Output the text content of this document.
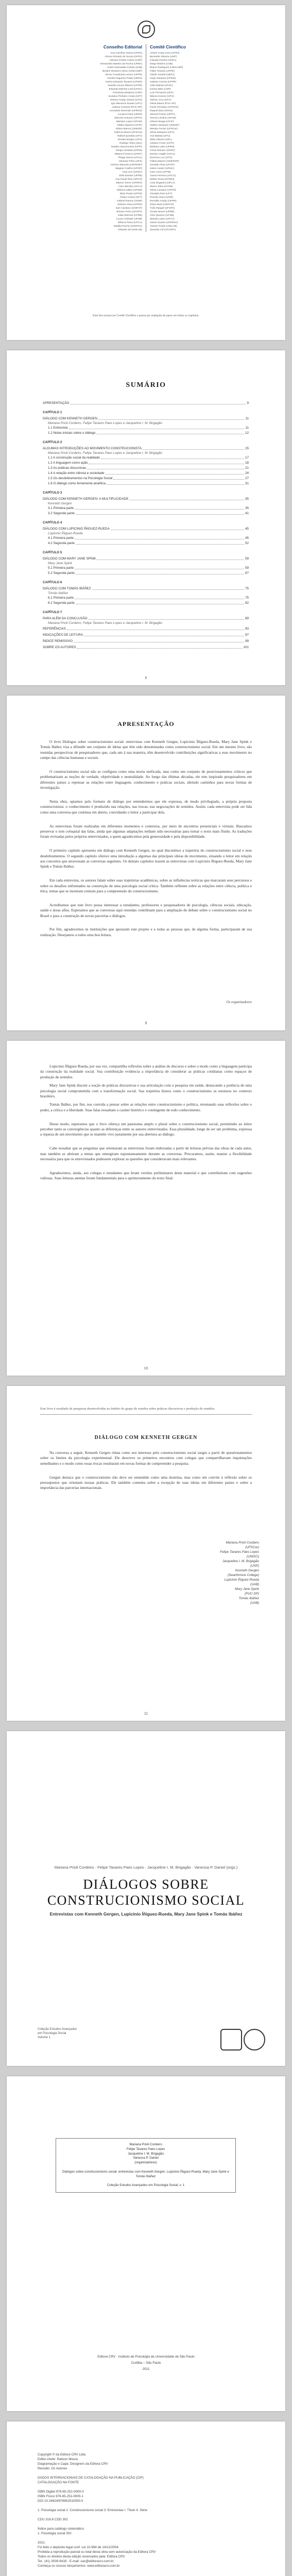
Conselho Editorial
Ana Carolina Vianna (UFRJ)
Afonso Ricardo de Souza (UFRJ)
Adriana Freitas Castro (USP)
Alessandra Martins da Rocha (UFBA)
André Guimarães Falcão (UnB)
Beatriz Monteiro Abreu (UNICAMP)
Bruno Cavalcanti Lemos (UFPE)
Camila Nogueira Prado (UERJ)
Carlos Eduardo Tavares (UFMG)
Daniela Souza Ribeiro (UFPR)
Eduardo Barreto Leal (UFSC)
Fernanda Medeiros (USP)
Gustavo Pinheiro Costa (UFF)
Helena Araújo Santos (UFG)
Igor Menezes Duarte (UFC)
Juliana Campos (PUC-SP)
Leonardo Rezende (UFRGS)
Luciana Faria (UFES)
Marcelo Antunes (UFPA)
Mariana Lopes (UFAM)
Nádia Siqueira (UFJF)
Otávio Barros (UNESP)
Patrícia Moura (UFSCar)
Rafael Quintela (UFV)
Renata Borges (UFU)
Rodrigo Teles (UEL)
Sandra Vasconcelos (UFPI)
Sérgio Almeida (UFRN)
Tatiana Fonseca (UFMT)
Thiago Nunes (UFAL)
Vanessa Pires (UFS)
Vinícius Macedo (UNIFESP)
Wagner Coelho (UFOP)
Yara Lins (UFMA)
Zélia Dantas (UFPB)
Ana Paula Reis (UFCG)
Bianca Torres (UFRRJ)
Caio Mendes (UFLA)
Débora Salles (UFSM)
Elias Prado (UFPel)
Flávia Cunha (UFT)
Gabriel Ramos (UNIR)
Heloísa Vieira (UFRR)
Ivan Cardoso (UNIFAP)
Jéssica Porto (UFOPA)
Kátia Moreira (UFRB)
Lucas Andrade (UFSB)
Mônica Paiva (UFCA)
Natália Rocha (UFERSA)
Orlando Sá (UNILAB)
Comitê Científico
Ariane Costa Lima (UFRJ)
Bernardo Silveira (USP)
Cláudia Pereira (UFBA)
Diego Martins (UnB)
Elaine Rodrigues (UNICAMP)
Fábio Teixeira (UFPE)
Gisele Amaral (UERJ)
Hugo Santana (UFMG)
Isabela Correia (UFPR)
João Batista (UFSC)
Karina Melo (USP)
Luís Fernando (UFF)
Márcia Gomes (UFG)
Nelson Cruz (UFC)
Olívia Matos (PUC-SP)
Paulo Henrique (UFRGS)
Raquel Dias (UFES)
Samuel Farias (UFPA)
Tereza Cristina (UFAM)
Ulisses Braga (UFJF)
Valéria Sampaio (UNESP)
Wesley Ferraz (UFSCar)
Xênia Marques (UFV)
Yuri Batista (UFU)
Zilda Oliveira (UEL)
Adriano Freire (UFPI)
Bárbara Leite (UFRN)
César Moraes (UFMT)
Denise Aragão (UFAL)
Emerson Luz (UFS)
Fátima Barros (UNIFESP)
Geraldo Pinto (UFOP)
Helen Castro (UFMA)
Ícaro Lima (UFPB)
Joana Ferreira (UFCG)
Kléber Rosa (UFRRJ)
Lívia Nogueira (UFLA)
Mauro Silva (UFSM)
Nívea Campos (UFPel)
Osvaldo Reis (UFT)
Priscila Alves (UNIR)
Ronaldo Araújo (UFRR)
Sílvia Mota (UNIFAP)
Túlio Rangel (UFOPA)
Úrsula Neves (UFRB)
Vítor Queiroz (UFSB)
Wanda Lopes (UFCA)
Xavier Duarte (UFERSA)
Yasmin Prado (UNILAB)
Zacarias Gil (UFCSPA)
Este livro possui um Comitê Científico e passa por avaliação de pares em todos os capítulos.
SUMÁRIO
APRESENTAÇÃO	9
CAPÍTULO 1
DIÁLOGO COM KENNETH GERGEN	11
Mariana Prioli Cordeiro, Felipe Tavares Paes Lopes e Jacqueline I. M. Brigagão
1.1 Entrevista	11
1.2 Notas iniciais sobre o diálogo	12
CAPÍTULO 2
ALGUMAS INTRODUÇÕES AO MOVIMENTO CONSTRUCIONISTA	15
Mariana Prioli Cordeiro, Felipe Tavares Paes Lopes e Jacqueline I. M. Brigagão
1.1 A construção social da realidade	17
1.2 A linguagem como ação	18
1.3 As práticas discursivas	21
1.4 A relação entre ciência e sociedade	24
1.5 Os desdobramentos na Psicologia Social	27
1.6 O diálogo como ferramenta analítica	31
CAPÍTULO 3
DIÁLOGO COM KENNETH GERGEN: A MULTIPLICIDADE	35
Kenneth Gergen
3.1 Primeira parte	35
3.2 Segunda parte	41
CAPÍTULO 4
DIÁLOGO COM LUPICINIO ÍÑIGUEZ-RUEDA	45
Lupicinio Íñiguez-Rueda
4.1 Primeira parte	45
4.2 Segunda parte	52
CAPÍTULO 5
DIÁLOGO COM MARY JANE SPINK	59
Mary Jane Spink
5.1 Primeira parte	59
5.2 Segunda parte	67
CAPÍTULO 6
DIÁLOGO COM TOMÁS IBÁÑEZ	75
Tomás Ibáñez
6.1 Primeira parte	75
6.2 Segunda parte	82
CAPÍTULO 7
PARA ALÉM DA CONCLUSÃO	89
Mariana Prioli Cordeiro, Felipe Tavares Paes Lopes e Jacqueline I. M. Brigagão
REFERÊNCIAS	93
INDICAÇÕES DE LEITURA	97
ÍNDICE REMISSIVO	99
SOBRE OS AUTORES	101
5
APRESENTAÇÃO
O livro Diálogos sobre construcionismo social: entrevistas com Kenneth Gergen, Lupicinio Íñiguez-Rueda, Mary Jane Spink e Tomás Ibáñez visa a difundir um conjunto de ideias que têm sido denominadas como construcionismo social. Em um mesmo livro, são reunidas perspectivas de pesquisadores que, cada um à sua maneira, têm desenvolvido contribuições significativas a esse movimento no campo das ciências humanas e sociais.
O construcionismo social não se configura como uma teoria unificada, mas como um conjunto de posicionamentos críticos que problematizam as noções de verdade, objetividade e neutralidade. Ao longo das últimas décadas, ele tem inspirado pesquisadores em diferentes países a repensar as relações entre linguagem, conhecimento e práticas sociais, abrindo caminhos para novas formas de investigação.
Nesta obra, optamos pelo formato de diálogo por entendermos que ele expressa, de modo privilegiado, a própria proposta construcionista: o conhecimento é produzido nas relações, nas trocas, nas negociações de sentidos. Assim, cada entrevista pode ser lida como uma conversa que continua em aberto, convidando o leitor a participar dela.
As entrevistas foram realizadas em diferentes momentos e contextos, por meio de encontros presenciais e virtuais. Buscamos preservar o tom coloquial das falas, ainda que algumas adaptações tenham sido necessárias para tornar o texto mais fluido. As traduções foram revisadas pelos próprios entrevistados, a quem agradecemos pela generosidade e pela disponibilidade.
O primeiro capítulo apresenta um diálogo com Kenneth Gergen, no qual discutimos a trajetória do construcionismo social e seus desdobramentos. O segundo capítulo oferece uma introdução a algumas das principais ideias do movimento, situando o leitor em relação aos conceitos que atravessam as conversas seguintes. Os demais capítulos trazem as entrevistas com Lupicinio Íñiguez-Rueda, Mary Jane Spink e Tomás Ibáñez.
Em cada entrevista, os autores falam sobre suas trajetórias acadêmicas, sobre as influências teóricas que marcaram seus percursos e sobre os desafios enfrentados na construção de uma psicologia social crítica. Também refletem sobre as relações entre ciência, política e ética, temas que se mostram centrais para a compreensão do construcionismo.
Acreditamos que este livro possa interessar a estudantes, professores e pesquisadores de psicologia, ciências sociais, educação, saúde e áreas afins. Esperamos que as conversas aqui reunidas contribuam para a ampliação do debate sobre o construcionismo social no Brasil e para a construção de novas parcerias e diálogos.
Por fim, agradecemos às instituições que apoiaram este projeto e a todas as pessoas que, de alguma forma, participaram de sua realização. Desejamos a todos uma boa leitura.
Os organizadores
9
Lupicinio Íñiguez-Rueda, por sua vez, compartilha reflexões sobre a análise do discurso e sobre o modo como a linguagem participa da construção da realidade social. Sua contribuição evidencia a importância de considerar as práticas cotidianas como espaços de produção de sentidos.
Mary Jane Spink discute a noção de práticas discursivas e sua articulação com a pesquisa em saúde, destacando a potência de uma psicologia social comprometida com a transformação social. Sua trajetória ilustra como o construcionismo se enraizou no contexto brasileiro.
Tomás Ibáñez, por fim, nos convida a pensar sobre as relações entre construcionismo e política, retomando suas reflexões sobre o poder, a crítica e a liberdade. Suas falas ressaltam o caráter histórico e contingente de todo conhecimento.
Desse modo, esperamos que o livro ofereça um panorama amplo e plural sobre o construcionismo social, permitindo ao leitor perceber tanto as convergências quanto as diferenças entre os autores entrevistados. Essa pluralidade, longe de ser um problema, expressa a riqueza de um movimento que se mantém vivo justamente por sua abertura ao diálogo.
Cabe ressaltar que as perguntas que orientaram as entrevistas foram elaboradas a partir de leituras prévias das obras de cada autor, mas também se abriram a temas que emergiram espontaneamente durante as conversas. Procuramos, assim, manter a flexibilidade necessária para que os entrevistados pudessem explorar as questões que consideravam mais relevantes.
Agradecemos, ainda, aos colegas e estudantes que leram versões preliminares deste material e que contribuíram com sugestões valiosas. Suas leituras atentas foram fundamentais para o aprimoramento do texto final.
10
Este livro é resultado de pesquisas desenvolvidas no âmbito do grupo de estudos sobre práticas discursivas e produção de sentidos.
DIÁLOGO COM KENNETH GERGEN
Na conversa a seguir, Kenneth Gergen relata como seu interesse pelo construcionismo social surgiu a partir de questionamentos sobre os limites da psicologia experimental. Ele descreve os primeiros encontros com colegas que compartilhavam inquietações semelhantes e o modo como essas trocas resultaram em novas formas de compreender a pesquisa.
Gergen destaca que o construcionismo não deve ser entendido como uma doutrina, mas como um convite à reflexão sobre os pressupostos que orientam nossas práticas. Ele também comenta sobre a recepção de suas ideias em diferentes países e sobre a importância das parcerias internacionais.
Mariana Prioli Cordeiro
(UFSCar)
Felipe Tavares Paes Lopes
(UNISO)
Jacqueline I. M. Brigagão
(USP)
Kenneth Gergen
(Swarthmore College)
Lupicinio Íñiguez-Rueda
(UAB)
Mary Jane Spink
(PUC-SP)
Tomás Ibáñez
(UAB)
11
Mariana Prioli Cordeiro · Felipe Tavares Paes Lopes · Jacqueline I. M. Brigagão · Vanessa P. Daniel (orgs.)
DIÁLOGOS SOBRE CONSTRUCIONISMO SOCIAL
Entrevistas com Kenneth Gergen, Lupicinio Íñiguez-Rueda, Mary Jane Spink e Tomás Ibáñez
Coleção Estudos Avançados
em Psicologia Social
Volume 1
Mariana Prioli Cordeiro
Felipe Tavares Paes Lopes
Jacqueline I. M. Brigagão
Vanessa P. Daniel
(organizadores)
Diálogos sobre construcionismo social: entrevistas com Kenneth Gergen, Lupicinio Íñiguez-Rueda, Mary Jane Spink e Tomás Ibáñez
Coleção Estudos Avançados em Psicologia Social, v. 1
Editora CRV · Instituto de Psicologia da Universidade de São Paulo
Curitiba – São Paulo
2021
Copyright © da Editora CRV Ltda.
Editor-chefe: Railson Moura
Diagramação e Capa: Designers da Editora CRV
Revisão: Os Autores
DADOS INTERNACIONAIS DE CATALOGAÇÃO NA PUBLICAÇÃO (CIP)
CATALOGAÇÃO NA FONTE
ISBN Digital 978-65-251-0000-0
ISBN Físico 978-65-251-0000-1
DOI 10.24824/978652510000.0
1. Psicologia social 2. Construcionismo social 3. Entrevistas I. Título II. Série
CDU 316.6 CDD 302
Índice para catálogo sistemático
1. Psicologia social 302
2021
Foi feito o depósito legal conf. Lei 10.994 de 14/12/2004
Proibida a reprodução parcial ou total desta obra sem autorização da Editora CRV
Todos os direitos desta edição reservados pela: Editora CRV
Tel.: (41) 3039-6418 - E-mail: sac@editoracrv.com.br
Conheça os nossos lançamentos: www.editoracrv.com.br
